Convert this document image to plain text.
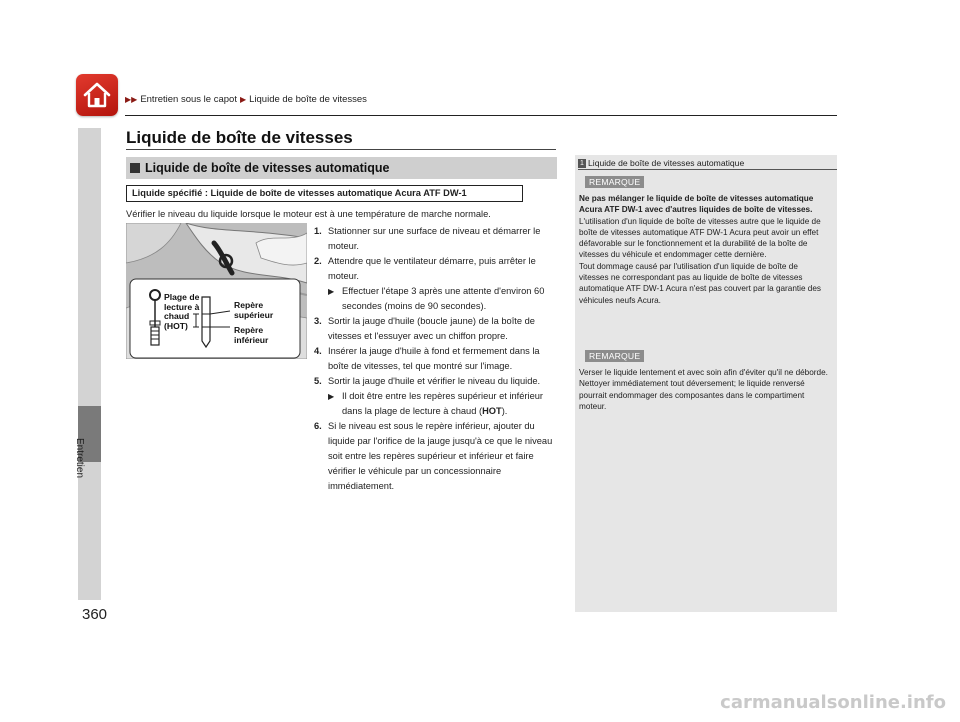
▶▶ Entretien sous le capot ▶ Liquide de boîte de vitesses
Entretien
Liquide de boîte de vitesses
Liquide de boîte de vitesses automatique
Liquide spécifié : Liquide de boîte de vitesses automatique Acura ATF DW-1
Vérifier le niveau du liquide lorsque le moteur est à une température de marche normale.
Plage de
lecture à
chaud
(HOT)
Repère
supérieur
Repère
inférieur
1. Stationner sur une surface de niveau et démarrer le moteur.
2. Attendre que le ventilateur démarre, puis arrêter le moteur.
▶ Effectuer l'étape 3 après une attente d'environ 60 secondes (moins de 90 secondes).
3. Sortir la jauge d'huile (boucle jaune) de la boîte de vitesses et l'essuyer avec un chiffon propre.
4. Insérer la jauge d'huile à fond et fermement dans la boîte de vitesses, tel que montré sur l'image.
5. Sortir la jauge d'huile et vérifier le niveau du liquide.
▶ Il doit être entre les repères supérieur et inférieur dans la plage de lecture à chaud (HOT).
6. Si le niveau est sous le repère inférieur, ajouter du liquide par l'orifice de la jauge jusqu'à ce que le niveau soit entre les repères supérieur et inférieur et faire vérifier le véhicule par un concessionnaire immédiatement.
1 Liquide de boîte de vitesses automatique
REMARQUE
Ne pas mélanger le liquide de boîte de vitesses automatique Acura ATF DW-1 avec d'autres liquides de boîte de vitesses.
L'utilisation d'un liquide de boîte de vitesses autre que le liquide de boîte de vitesses automatique ATF DW-1 Acura peut avoir un effet défavorable sur le fonctionnement et la durabilité de la boîte de vitesses du véhicule et endommager cette dernière.
Tout dommage causé par l'utilisation d'un liquide de boîte de vitesses ne correspondant pas au liquide de boîte de vitesses automatique ATF DW-1 Acura n'est pas couvert par la garantie des véhicules neufs Acura.
REMARQUE
Verser le liquide lentement et avec soin afin d'éviter qu'il ne déborde. Nettoyer immédiatement tout déversement; le liquide renversé pourrait endommager des composantes dans le compartiment moteur.
360
carmanualsonline.info
